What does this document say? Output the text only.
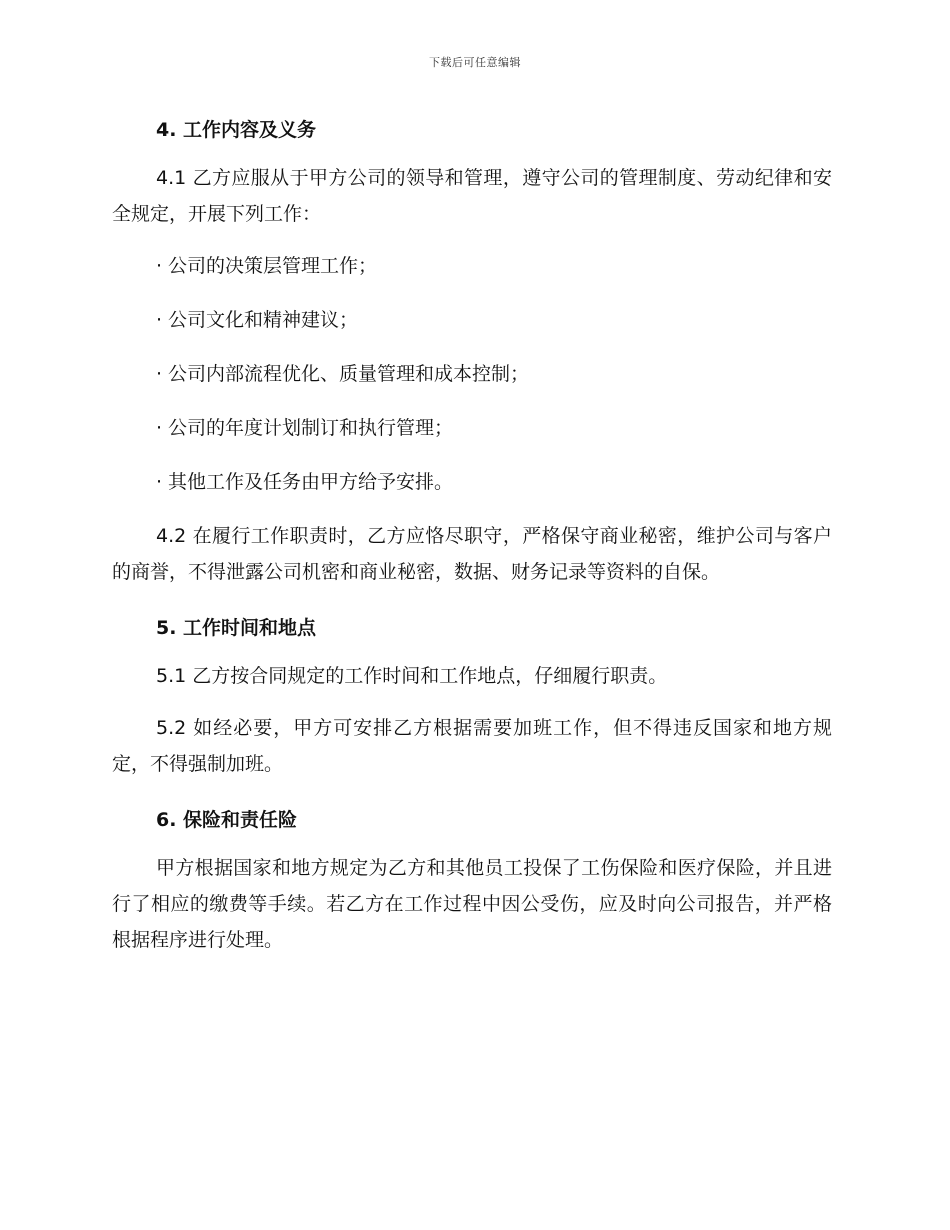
下载后可任意编辑
4. 工作内容及义务

4.1 乙方应服从于甲方公司的领导和管理，遵守公司的管理制度、劳动纪律和安全规定，开展下列工作：

· 公司的决策层管理工作；
· 公司文化和精神建议；
· 公司内部流程优化、质量管理和成本控制；
· 公司的年度计划制订和执行管理；
· 其他工作及任务由甲方给予安排。

4.2 在履行工作职责时，乙方应恪尽职守，严格保守商业秘密，维护公司与客户的商誉，不得泄露公司机密和商业秘密，数据、财务记录等资料的自保。

5. 工作时间和地点

5.1 乙方按合同规定的工作时间和工作地点，仔细履行职责。

5.2 如经必要，甲方可安排乙方根据需要加班工作，但不得违反国家和地方规定，不得强制加班。

6. 保险和责任险

甲方根据国家和地方规定为乙方和其他员工投保了工伤保险和医疗保险，并且进行了相应的缴费等手续。若乙方在工作过程中因公受伤，应及时向公司报告，并严格根据程序进行处理。
